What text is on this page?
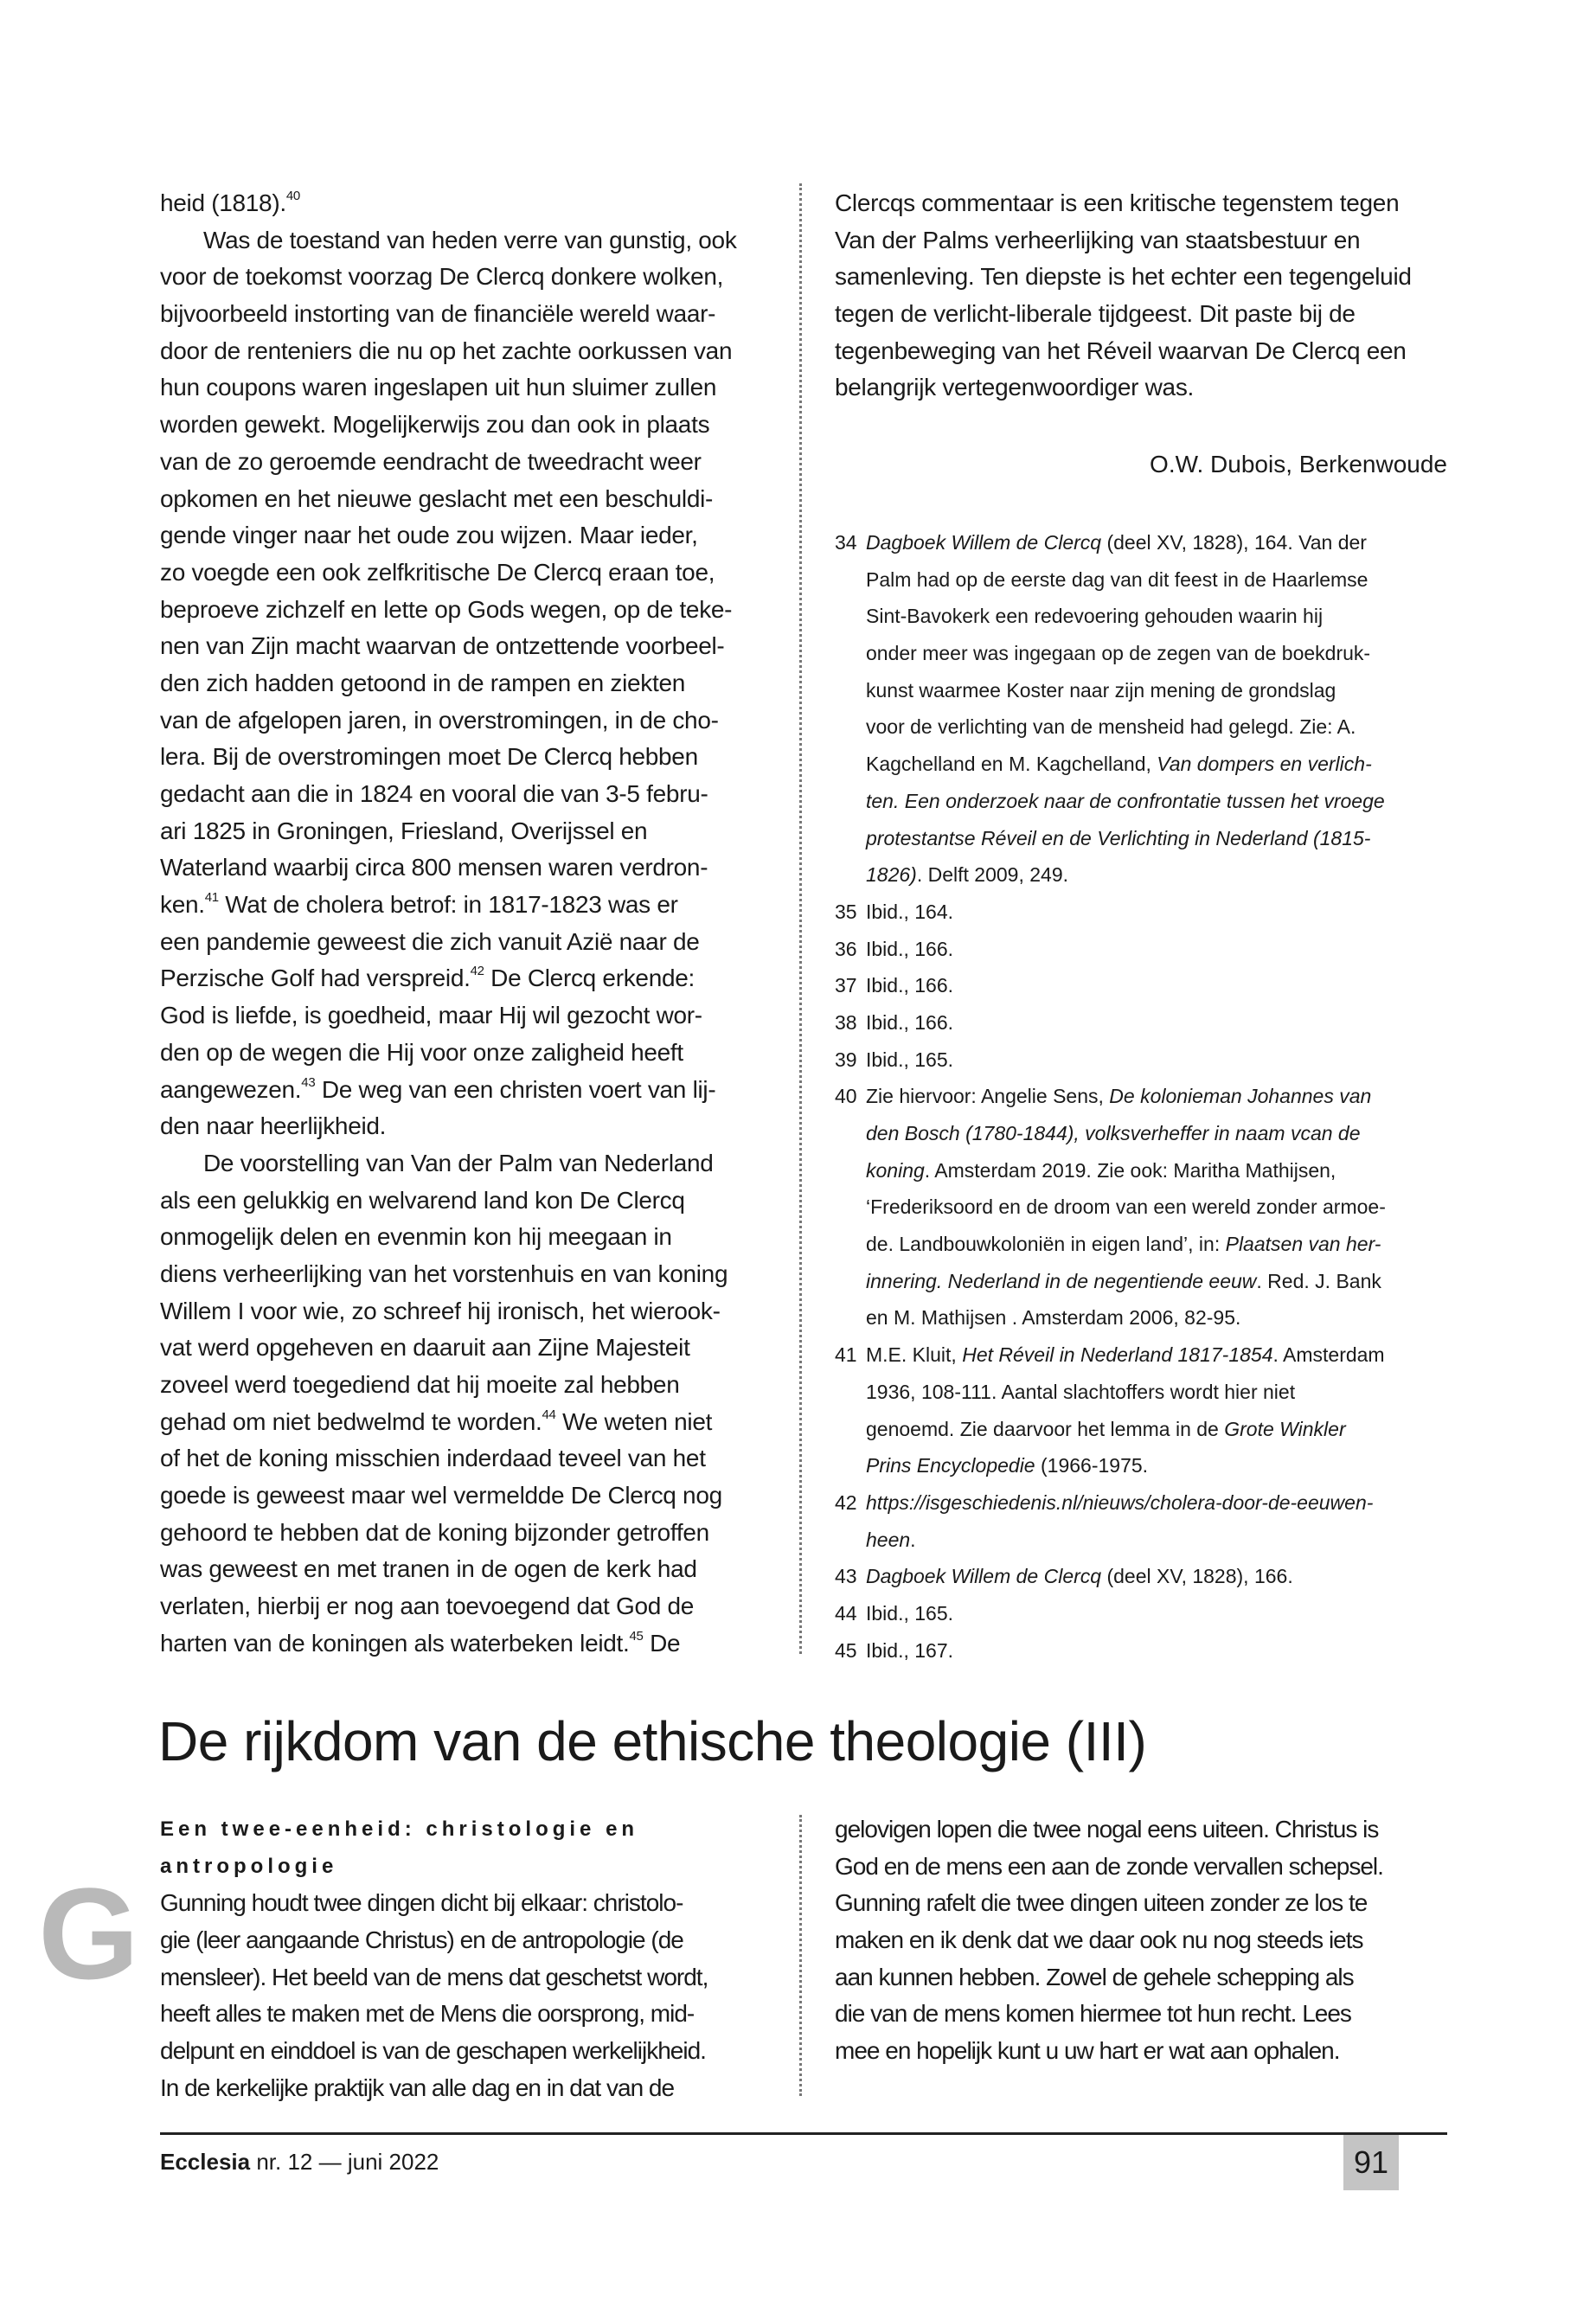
heid (1818).$^{40}$
Was de toestand van heden verre van gunstig, ook
voor de toekomst voorzag De Clercq donkere wolken,
bijvoorbeeld instorting van de financiële wereld waar-
door de renteniers die nu op het zachte oorkussen van
hun coupons waren ingeslapen uit hun sluimer zullen
worden gewekt. Mogelijkerwijs zou dan ook in plaats
van de zo geroemde eendracht de tweedracht weer
opkomen en het nieuwe geslacht met een beschuldi-
gende vinger naar het oude zou wijzen. Maar ieder,
zo voegde een ook zelfkritische De Clercq eraan toe,
beproeve zichzelf en lette op Gods wegen, op de teke-
nen van Zijn macht waarvan de ontzettende voorbeel-
den zich hadden getoond in de rampen en ziekten
van de afgelopen jaren, in overstromingen, in de cho-
lera. Bij de overstromingen moet De Clercq hebben
gedacht aan die in 1824 en vooral die van 3-5 febru-
ari 1825 in Groningen, Friesland, Overijssel en
Waterland waarbij circa 800 mensen waren verdron-
ken.$^{41}$ Wat de cholera betrof: in 1817-1823 was er
een pandemie geweest die zich vanuit Azië naar de
Perzische Golf had verspreid.$^{42}$ De Clercq erkende:
God is liefde, is goedheid, maar Hij wil gezocht wor-
den op de wegen die Hij voor onze zaligheid heeft
aangewezen.$^{43}$ De weg van een christen voert van lij-
den naar heerlijkheid.
De voorstelling van Van der Palm van Nederland
als een gelukkig en welvarend land kon De Clercq
onmogelijk delen en evenmin kon hij meegaan in
diens verheerlijking van het vorstenhuis en van koning
Willem I voor wie, zo schreef hij ironisch, het wierook-
vat werd opgeheven en daaruit aan Zijne Majesteit
zoveel werd toegediend dat hij moeite zal hebben
gehad om niet bedwelmd te worden.$^{44}$ We weten niet
of het de koning misschien inderdaad teveel van het
goede is geweest maar wel vermeldde De Clercq nog
gehoord te hebben dat de koning bijzonder getroffen
was geweest en met tranen in de ogen de kerk had
verlaten, hierbij er nog aan toevoegend dat God de
harten van de koningen als waterbeken leidt.$^{45}$ De
Clercqs commentaar is een kritische tegenstem tegen
Van der Palms verheerlijking van staatsbestuur en
samenleving. Ten diepste is het echter een tegengeluid
tegen de verlicht-liberale tijdgeest. Dit paste bij de
tegenbeweging van het Réveil waarvan De Clercq een
belangrijk vertegenwoordiger was.
O.W. Dubois, Berkenwoude
34 Dagboek Willem de Clercq (deel XV, 1828), 164. Van der
Palm had op de eerste dag van dit feest in de Haarlemse
Sint-Bavokerk een redevoering gehouden waarin hij
onder meer was ingegaan op de zegen van de boekdruk-
kunst waarmee Koster naar zijn mening de grondslag
voor de verlichting van de mensheid had gelegd. Zie: A.
Kagchelland en M. Kagchelland, Van dompers en verlich-
ten. Een onderzoek naar de confrontatie tussen het vroege
protestantse Réveil en de Verlichting in Nederland (1815-
1826). Delft 2009, 249.
35 Ibid., 164.
36 Ibid., 166.
37 Ibid., 166.
38 Ibid., 166.
39 Ibid., 165.
40 Zie hiervoor: Angelie Sens, De kolonieman Johannes van
den Bosch (1780-1844), volksverheffer in naam vcan de
koning. Amsterdam 2019. Zie ook: Maritha Mathijsen,
‘Frederiksoord en de droom van een wereld zonder armoe-
de. Landbouwkoloniën in eigen land’, in: Plaatsen van her-
innering. Nederland in de negentiende eeuw. Red. J. Bank
en M. Mathijsen . Amsterdam 2006, 82-95.
41 M.E. Kluit, Het Réveil in Nederland 1817-1854. Amsterdam
1936, 108-111. Aantal slachtoffers wordt hier niet
genoemd. Zie daarvoor het lemma in de Grote Winkler
Prins Encyclopedie (1966-1975.
42 https://isgeschiedenis.nl/nieuws/cholera-door-de-eeuwen-
heen.
43 Dagboek Willem de Clercq (deel XV, 1828), 166.
44 Ibid., 165.
45 Ibid., 167.
De rijkdom van de ethische theologie (III)
G
Een twee-eenheid: christologie en
antropologie
Gunning houdt twee dingen dicht bij elkaar: christolo-
gie (leer aangaande Christus) en de antropologie (de
mensleer). Het beeld van de mens dat geschetst wordt,
heeft alles te maken met de Mens die oorsprong, mid-
delpunt en einddoel is van de geschapen werkelijkheid.
In de kerkelijke praktijk van alle dag en in dat van de
gelovigen lopen die twee nogal eens uiteen. Christus is
God en de mens een aan de zonde vervallen schepsel.
Gunning rafelt die twee dingen uiteen zonder ze los te
maken en ik denk dat we daar ook nu nog steeds iets
aan kunnen hebben. Zowel de gehele schepping als
die van de mens komen hiermee tot hun recht. Lees
mee en hopelijk kunt u uw hart er wat aan ophalen.
Ecclesia nr. 12 — juni 2022	91
